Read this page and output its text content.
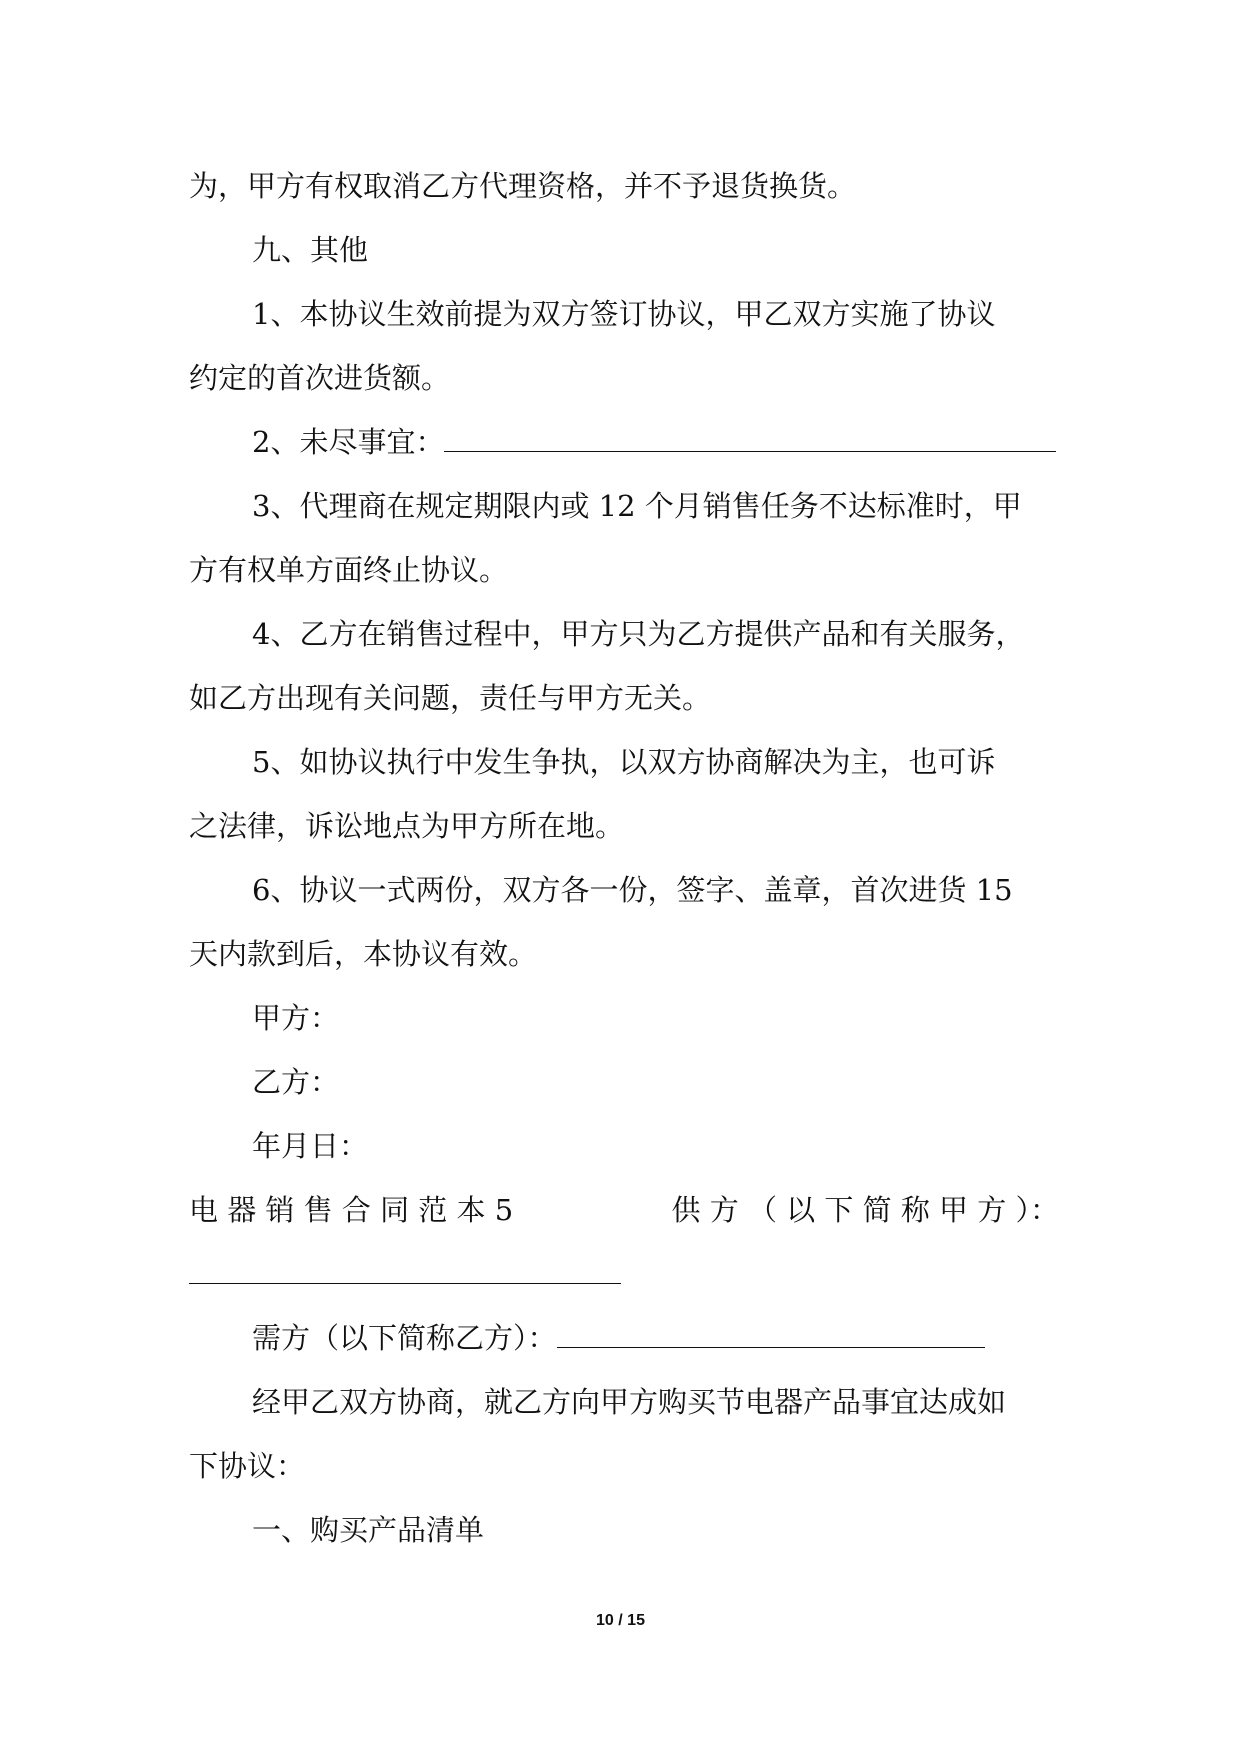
为，甲方有权取消乙方代理资格，并不予退货换货。
九、其他
1、本协议生效前提为双方签订协议，甲乙双方实施了协议
约定的首次进货额。
2、未尽事宜：
3、代理商在规定期限内或 12 个月销售任务不达标准时，甲
方有权单方面终止协议。
4、乙方在销售过程中，甲方只为乙方提供产品和有关服务，
如乙方出现有关问题，责任与甲方无关。
5、如协议执行中发生争执，以双方协商解决为主，也可诉
之法律，诉讼地点为甲方所在地。
6、协议一式两份，双方各一份，签字、盖章，首次进货 15
天内款到后，本协议有效。
甲方：
乙方：
年月日：
电 器 销 售 合 同 范 本 5	供 方 （ 以 下 简 称 甲 方 ）：
需方（以下简称乙方）：
经甲乙双方协商，就乙方向甲方购买节电器产品事宜达成如
下协议：
一、购买产品清单
10 / 15
